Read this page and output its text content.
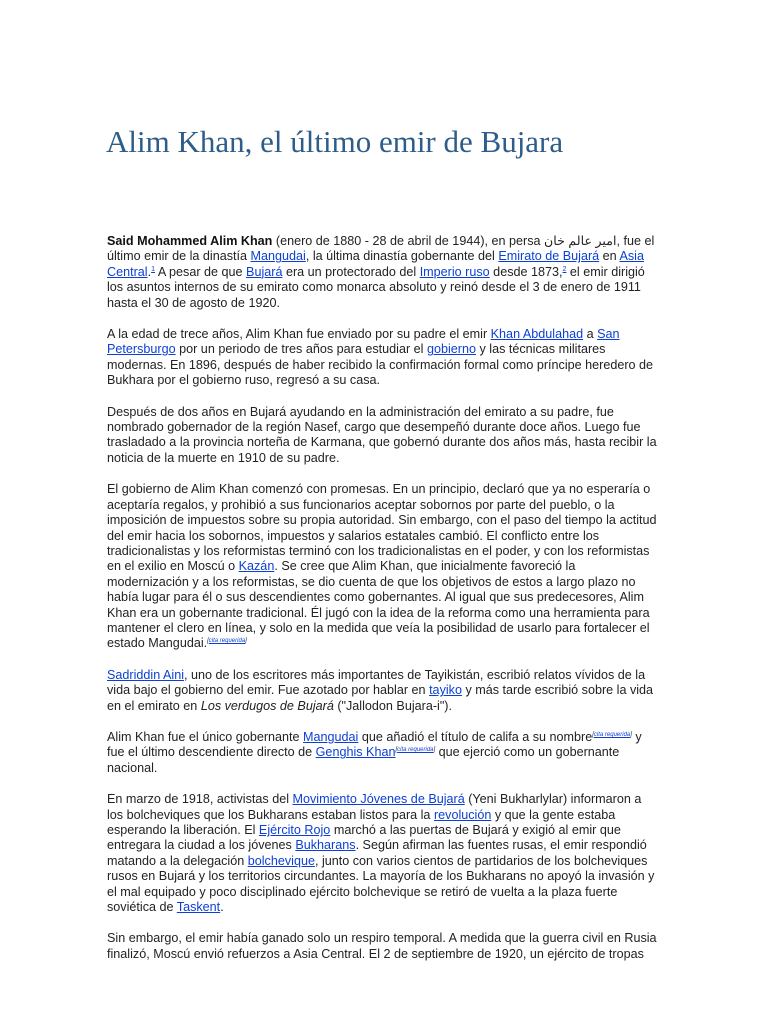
Alim Khan, el último emir de Bujara

Said Mohammed Alim Khan (enero de 1880 - 28 de abril de 1944), en persa امیر عالم خان, fue el último emir de la dinastía Mangudai, la última dinastía gobernante del Emirato de Bujará en Asia Central.$^1$ A pesar de que Bujará era un protectorado del Imperio ruso desde 1873,$^2$ el emir dirigió los asuntos internos de su emirato como monarca absoluto y reinó desde el 3 de enero de 1911 hasta el 30 de agosto de 1920.

A la edad de trece años, Alim Khan fue enviado por su padre el emir Khan Abdulahad a San Petersburgo por un periodo de tres años para estudiar el gobierno y las técnicas militares modernas. En 1896, después de haber recibido la confirmación formal como príncipe heredero de Bukhara por el gobierno ruso, regresó a su casa.

Después de dos años en Bujará ayudando en la administración del emirato a su padre, fue nombrado gobernador de la región Nasef, cargo que desempeñó durante doce años. Luego fue trasladado a la provincia norteña de Karmana, que gobernó durante dos años más, hasta recibir la noticia de la muerte en 1910 de su padre.

El gobierno de Alim Khan comenzó con promesas. En un principio, declaró que ya no esperaría o aceptaría regalos, y prohibió a sus funcionarios aceptar sobornos por parte del pueblo, o la imposición de impuestos sobre su propia autoridad. Sin embargo, con el paso del tiempo la actitud del emir hacia los sobornos, impuestos y salarios estatales cambió. El conflicto entre los tradicionalistas y los reformistas terminó con los tradicionalistas en el poder, y con los reformistas en el exilio en Moscú o Kazán. Se cree que Alim Khan, que inicialmente favoreció la modernización y a los reformistas, se dio cuenta de que los objetivos de estos a largo plazo no había lugar para él o sus descendientes como gobernantes. Al igual que sus predecesores, Alim Khan era un gobernante tradicional. Él jugó con la idea de la reforma como una herramienta para mantener el clero en línea, y solo en la medida que veía la posibilidad de usarlo para fortalecer el estado Mangudai.[cita requerida]

Sadriddin Aini, uno de los escritores más importantes de Tayikistán, escribió relatos vívidos de la vida bajo el gobierno del emir. Fue azotado por hablar en tayiko y más tarde escribió sobre la vida en el emirato en Los verdugos de Bujará ("Jallodon Bujara-i").

Alim Khan fue el único gobernante Mangudai que añadió el título de califa a su nombre[cita requerida] y fue el último descendiente directo de Genghis Khan[cita requerida] que ejerció como un gobernante nacional.

En marzo de 1918, activistas del Movimiento Jóvenes de Bujará (Yeni Bukharlylar) informaron a los bolcheviques que los Bukharans estaban listos para la revolución y que la gente estaba esperando la liberación. El Ejército Rojo marchó a las puertas de Bujará y exigió al emir que entregara la ciudad a los jóvenes Bukharans. Según afirman las fuentes rusas, el emir respondió matando a la delegación bolchevique, junto con varios cientos de partidarios de los bolcheviques rusos en Bujará y los territorios circundantes. La mayoría de los Bukharans no apoyó la invasión y el mal equipado y poco disciplinado ejército bolchevique se retiró de vuelta a la plaza fuerte soviética de Taskent.

Sin embargo, el emir había ganado solo un respiro temporal. A medida que la guerra civil en Rusia finalizó, Moscú envió refuerzos a Asia Central. El 2 de septiembre de 1920, un ejército de tropas
